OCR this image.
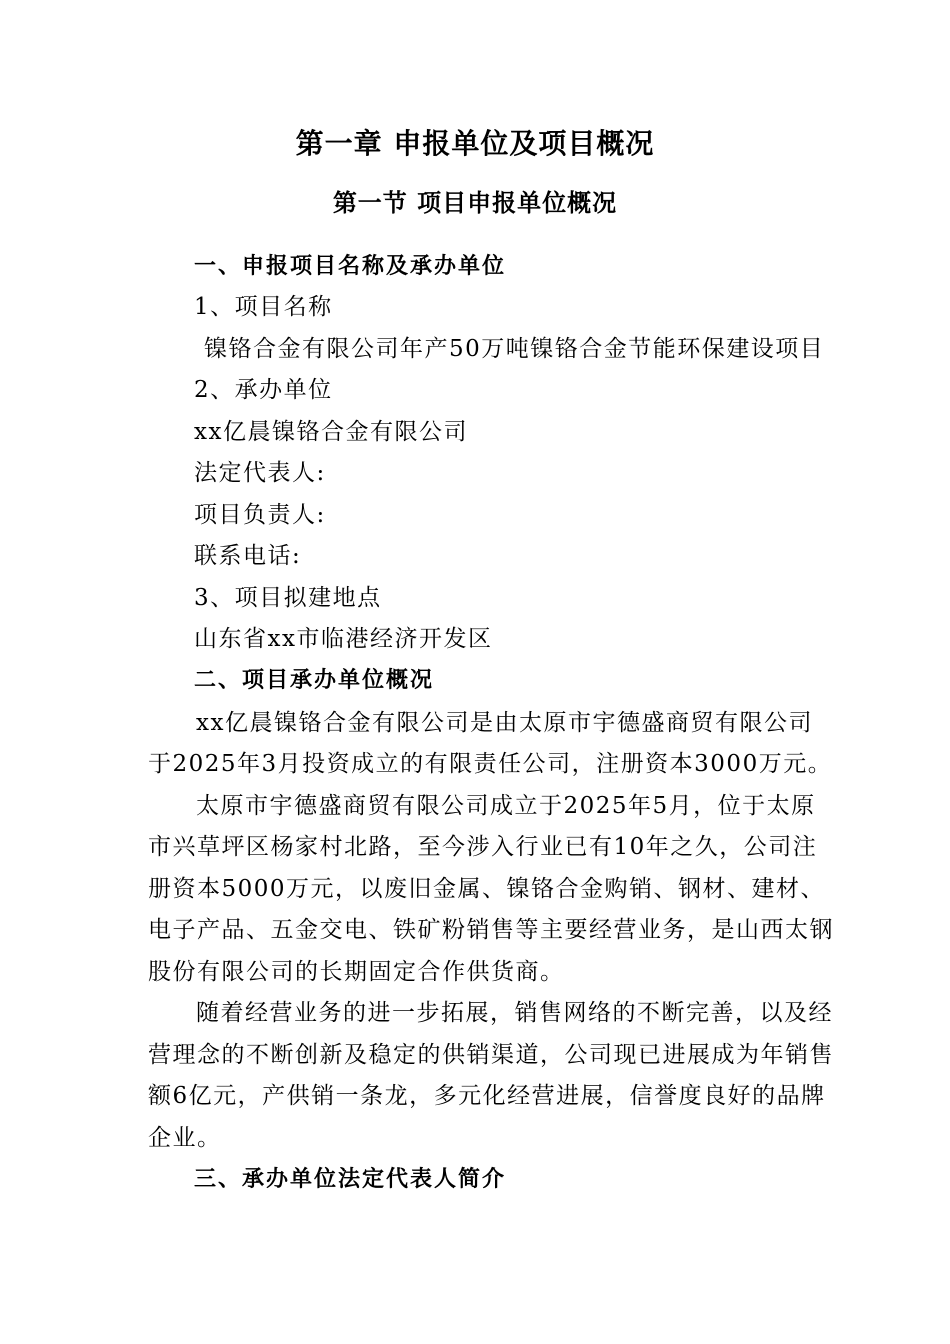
第一章 申报单位及项目概况
第一节 项目申报单位概况
一、申报项目名称及承办单位
1、项目名称
镍铬合金有限公司年产50万吨镍铬合金节能环保建设项目
2、承办单位
xx亿晨镍铬合金有限公司
法定代表人:
项目负责人:
联系电话:
3、项目拟建地点
山东省xx市临港经济开发区
二、项目承办单位概况
xx亿晨镍铬合金有限公司是由太原市宇德盛商贸有限公司
于2025年3月投资成立的有限责任公司，注册资本3000万元。
太原市宇德盛商贸有限公司成立于2025年5月，位于太原
市兴草坪区杨家村北路，至今涉入行业已有10年之久，公司注
册资本5000万元，以废旧金属、镍铬合金购销、钢材、建材、
电子产品、五金交电、铁矿粉销售等主要经营业务，是山西太钢
股份有限公司的长期固定合作供货商。
随着经营业务的进一步拓展，销售网络的不断完善，以及经
营理念的不断创新及稳定的供销渠道，公司现已进展成为年销售
额6亿元，产供销一条龙，多元化经营进展，信誉度良好的品牌
企业。
三、承办单位法定代表人简介
